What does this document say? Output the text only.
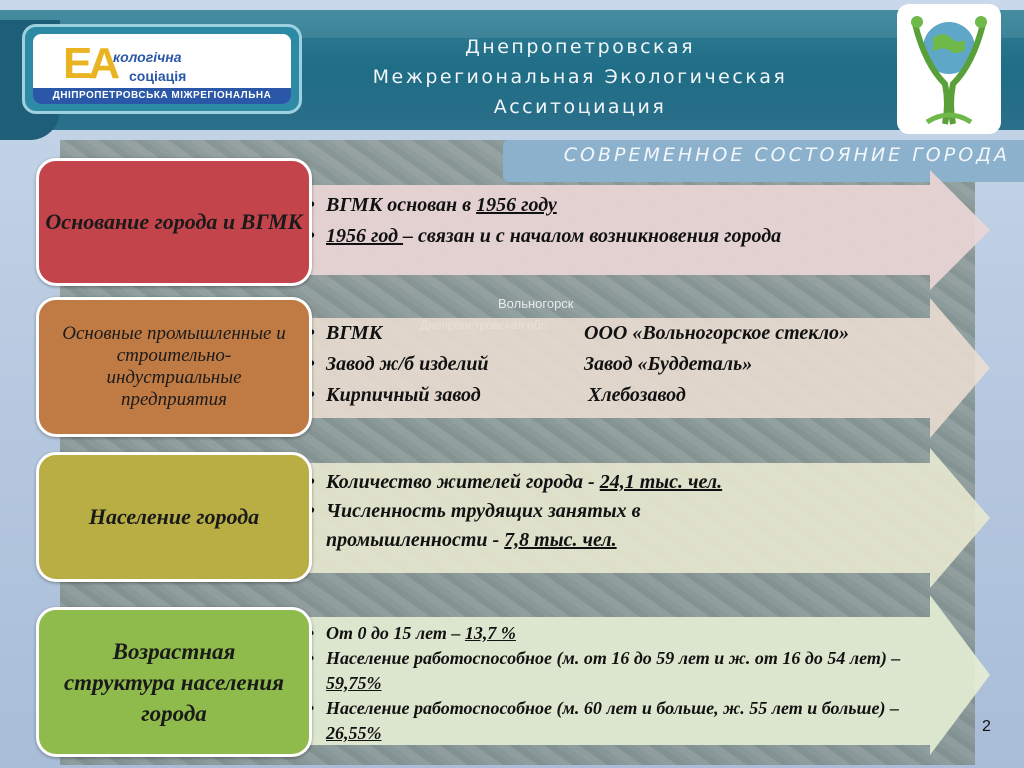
EA
кологічна
соціація
ДНІПРОПЕТРОВСЬКА МІЖРЕГІОНАЛЬНА
Днепропетровская
Межрегиональная Экологическая
Асситоциация
СОВРЕМЕННОЕ СОСТОЯНИЕ ГОРОДА
Вольногорск
• ВГМК основан в 1956 году
• 1956 год – связан и с началом возникновения города
Основание города и ВГМК
• ВГМК	ООО «Вольногорское стекло»
• Завод ж/б изделий	Завод «Буддеталь»
• Кирпичный завод	Хлебозавод
Основные промышленные и строительно-индустриальные предприятия
• Количество жителей города - 24,1 тыс. чел.
• Численность трудящих занятых в промышленности - 7,8 тыс. чел.
Население города
• От 0 до 15 лет – 13,7 %
• Население работоспособное (м. от 16 до 59 лет и ж. от 16 до 54 лет) – 59,75%
• Население работоспособное (м. 60 лет и больше, ж. 55 лет и больше) – 26,55%
Возрастная структура населения города
2
